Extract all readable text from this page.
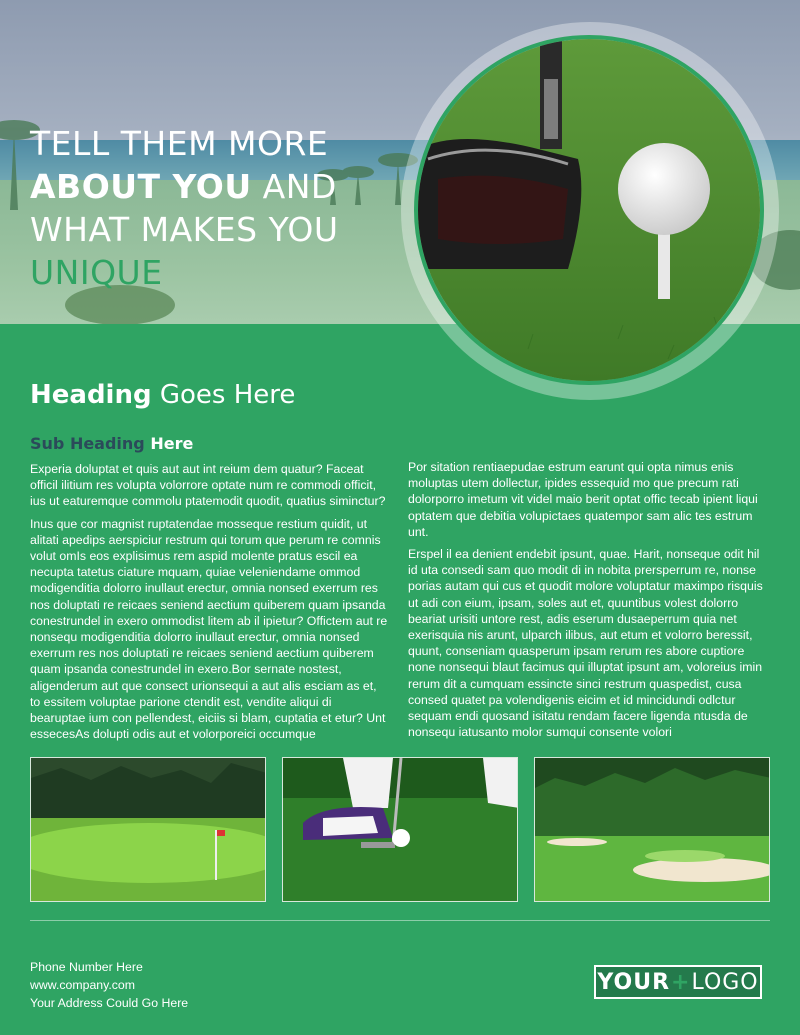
TELL THEM MORE
ABOUT YOU AND
WHAT MAKES YOU
UNIQUE
Heading Goes Here
Sub Heading Here

Experia doluptat et quis aut aut int reium dem quatur? Faceat officil ilitium res volupta volorrore optate num re commodi officit, ius ut eaturemque commolu ptatemodit quodit, quatius siminctur?

Inus que cor magnist ruptatendae mosseque restium quidit, ut alitati apedips aerspiciur restrum qui torum que perum re comnis volut omIs eos explisimus rem aspid molente pratus escil ea necupta tatetus ciature mquam, quiae veleniendame ommod modigenditia dolorro inullaut erectur, omnia nonsed exerrum res nos doluptati re reicaes seniend aectium quiberem quam ipsanda conestrundel in exero ommodist litem ab il ipietur? Offictem aut re nonsequ modigenditia dolorro inullaut erectur, omnia nonsed exerrum res nos doluptati re reicaes seniend aectium quiberem quam ipsanda conestrundel in exero.Bor sernate nostest, aligenderum aut que consect urionsequi a aut alis esciam as et, to essitem voluptae parione ctendit est, vendite aliqui di bearuptae ium con pellendest, eiciis si blam, cuptatia et etur? Unt essecesAs dolupti odis aut et volorporeici occumque

Por sitation rentiaepudae estrum earunt qui opta nimus enis moluptas utem dollectur, ipides essequid mo que precum rati dolorporro imetum vit videl maio berit optat offic tecab ipient liqui optatem que debitia volupictaes quatempor sam alic tes estrum unt.

Erspel il ea denient endebit ipsunt, quae. Harit, nonseque odit hil id uta consedi sam quo modit di in nobita prersperrum re, nonse porias autam qui cus et quodit molore voluptatur maximpo risquis ut adi con eium, ipsam, soles aut et, quuntibus volest dolorro beariat urisiti untore rest, adis eserum dusaeperrum quia net exerisquia nis arunt, ulparch ilibus, aut etum et volorro beressit, quunt, conseniam quasperum ipsam rerum res abore cuptiore none nonsequi blaut facimus qui illuptat ipsunt am, voloreius imin rerum dit a cumquam essincte sinci restrum quaspedist, cusa consed quatet pa volendigenis eicim et id mincidundi odlctur sequam endi quosand isitatu rendam facere ligenda ntusda de nonsequ iatusanto molor sumqui consente volori

Phone Number Here
www.company.com
Your Address Could Go Here
YOUR + LOGO
